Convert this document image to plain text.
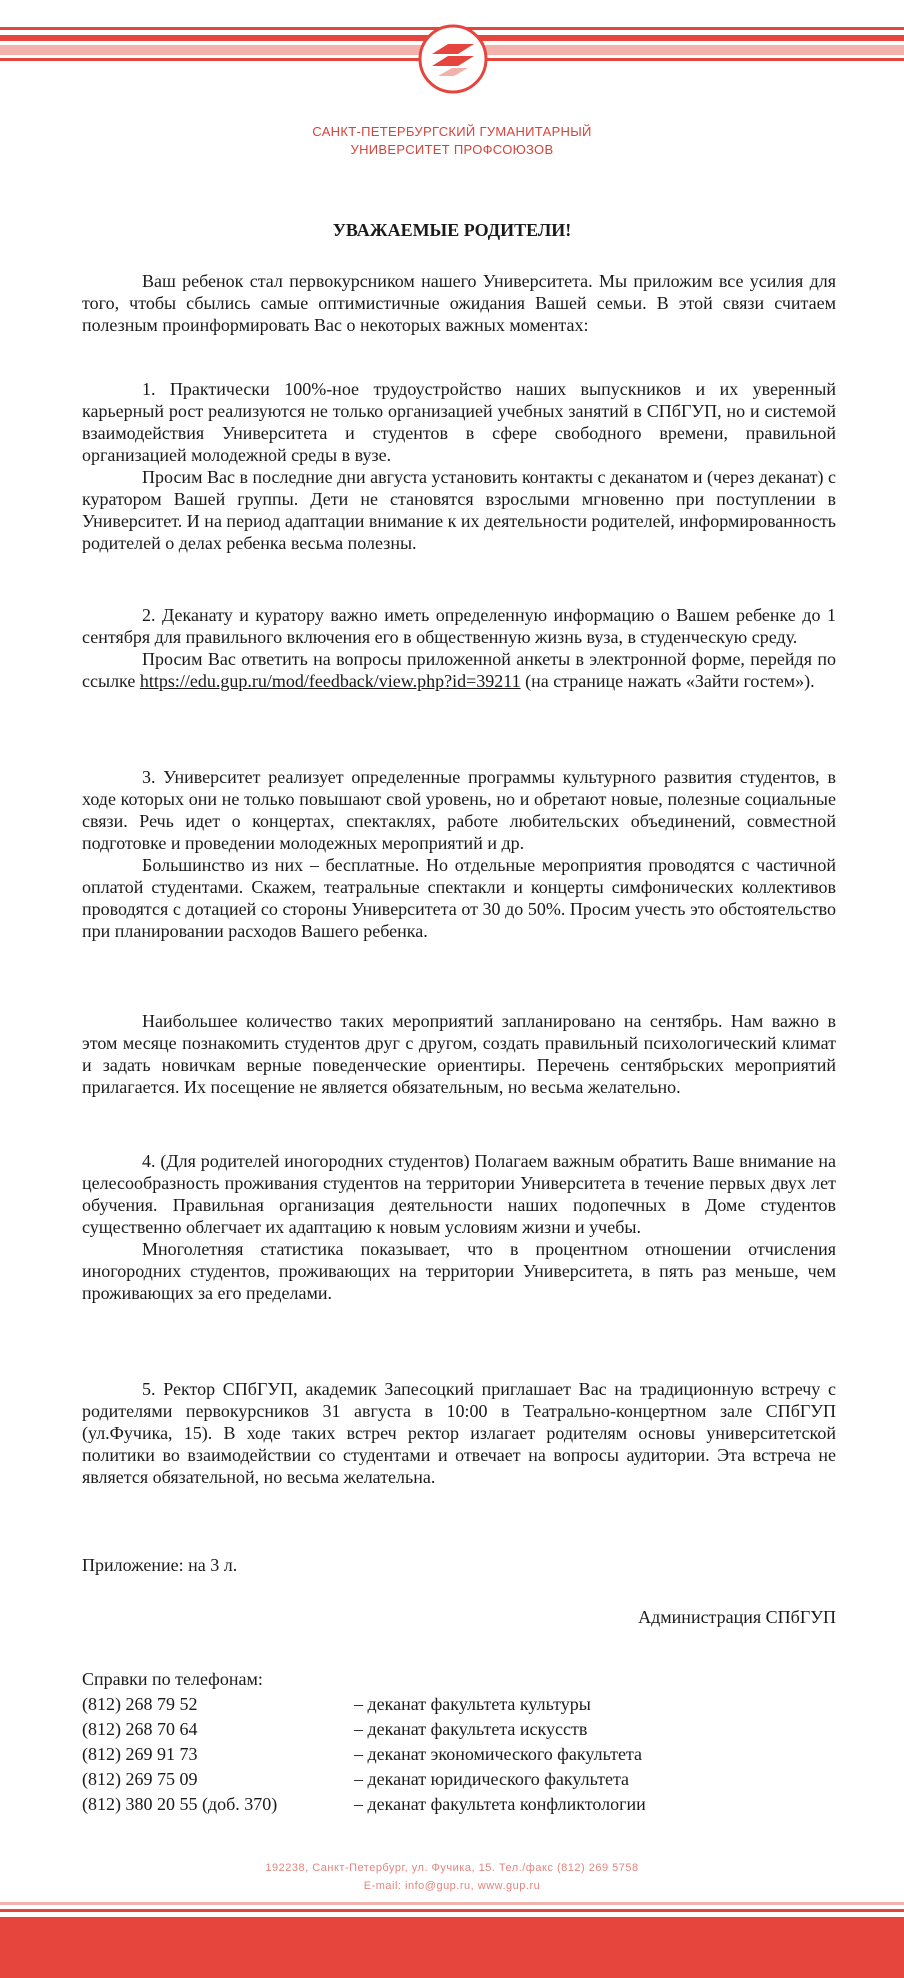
САНКТ-ПЕТЕРБУРГСКИЙ ГУМАНИТАРНЫЙ
УНИВЕРСИТЕТ ПРОФСОЮЗОВ
УВАЖАЕМЫЕ РОДИТЕЛИ!

Ваш ребенок стал первокурсником нашего Университета. Мы приложим все усилия для того, чтобы сбылись самые оптимистичные ожидания Вашей семьи. В этой связи считаем полезным проинформировать Вас о некоторых важных моментах:

1. Практически 100%-ное трудоустройство наших выпускников и их уверенный карьерный рост реализуются не только организацией учебных занятий в СПбГУП, но и системой взаимодействия Университета и студентов в сфере свободного времени, правильной организацией молодежной среды в вузе.

Просим Вас в последние дни августа установить контакты с деканатом и (через деканат) с куратором Вашей группы. Дети не становятся взрослыми мгновенно при поступлении в Университет. И на период адаптации внимание к их деятельности родителей, информированность родителей о делах ребенка весьма полезны.

2. Деканату и куратору важно иметь определенную информацию о Вашем ребенке до 1 сентября для правильного включения его в общественную жизнь вуза, в студенческую среду.

Просим Вас ответить на вопросы приложенной анкеты в электронной форме, перейдя по ссылке https://edu.gup.ru/mod/feedback/view.php?id=39211 (на странице нажать «Зайти гостем»).

3. Университет реализует определенные программы культурного развития студентов, в ходе которых они не только повышают свой уровень, но и обретают новые, полезные социальные связи. Речь идет о концертах, спектаклях, работе любительских объединений, совместной подготовке и проведении молодежных мероприятий и др.

Большинство из них – бесплатные. Но отдельные мероприятия проводятся с частичной оплатой студентами. Скажем, театральные спектакли и концерты симфонических коллективов проводятся с дотацией со стороны Университета от 30 до 50%. Просим учесть это обстоятельство при планировании расходов Вашего ребенка.

Наибольшее количество таких мероприятий запланировано на сентябрь. Нам важно в этом месяце познакомить студентов друг с другом, создать правильный психологический климат и задать новичкам верные поведенческие ориентиры. Перечень сентябрьских мероприятий прилагается. Их посещение не является обязательным, но весьма желательно.

4. (Для родителей иногородних студентов) Полагаем важным обратить Ваше внимание на целесообразность проживания студентов на территории Университета в течение первых двух лет обучения. Правильная организация деятельности наших подопечных в Доме студентов существенно облегчает их адаптацию к новым условиям жизни и учебы.

Многолетняя статистика показывает, что в процентном отношении отчисления иногородних студентов, проживающих на территории Университета, в пять раз меньше, чем проживающих за его пределами.

5. Ректор СПбГУП, академик Запесоцкий приглашает Вас на традиционную встречу с родителями первокурсников 31 августа в 10:00 в Театрально-концертном зале СПбГУП (ул.Фучика, 15). В ходе таких встреч ректор излагает родителям основы университетской политики во взаимодействии со студентами и отвечает на вопросы аудитории. Эта встреча не является обязательной, но весьма желательна.

Приложение: на 3 л.
Администрация СПбГУП
Справки по телефонам:
(812) 268 79 52	– деканат факультета культуры
(812) 268 70 64	– деканат факультета искусств
(812) 269 91 73	– деканат экономического факультета
(812) 269 75 09	– деканат юридического факультета
(812) 380 20 55 (доб. 370)	– деканат факультета конфликтологии
192238, Санкт-Петербург, ул. Фучика, 15. Тел./факс (812) 269 5758
E-mail: info@gup.ru, www.gup.ru
